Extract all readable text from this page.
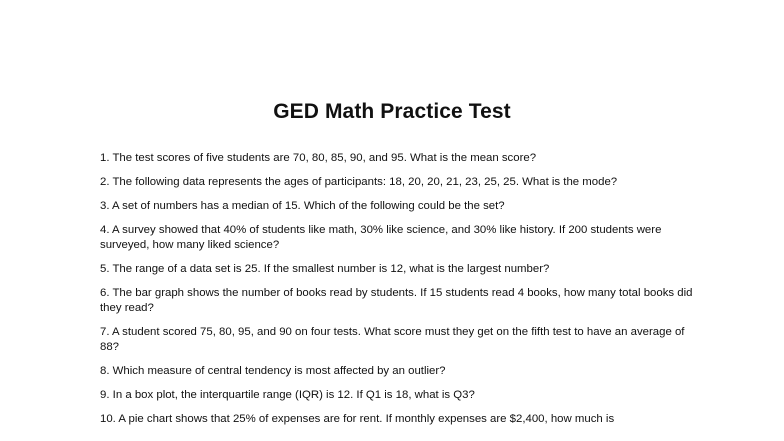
GED Math Practice Test
1. The test scores of five students are 70, 80, 85, 90, and 95. What is the mean score?
2. The following data represents the ages of participants: 18, 20, 20, 21, 23, 25, 25. What is the mode?
3. A set of numbers has a median of 15. Which of the following could be the set?
4. A survey showed that 40% of students like math, 30% like science, and 30% like history. If 200 students were surveyed, how many liked science?
5. The range of a data set is 25. If the smallest number is 12, what is the largest number?
6. The bar graph shows the number of books read by students. If 15 students read 4 books, how many total books did they read?
7. A student scored 75, 80, 95, and 90 on four tests. What score must they get on the fifth test to have an average of 88?
8. Which measure of central tendency is most affected by an outlier?
9. In a box plot, the interquartile range (IQR) is 12. If Q1 is 18, what is Q3?
10. A pie chart shows that 25% of expenses are for rent. If monthly expenses are $2,400, how much is
